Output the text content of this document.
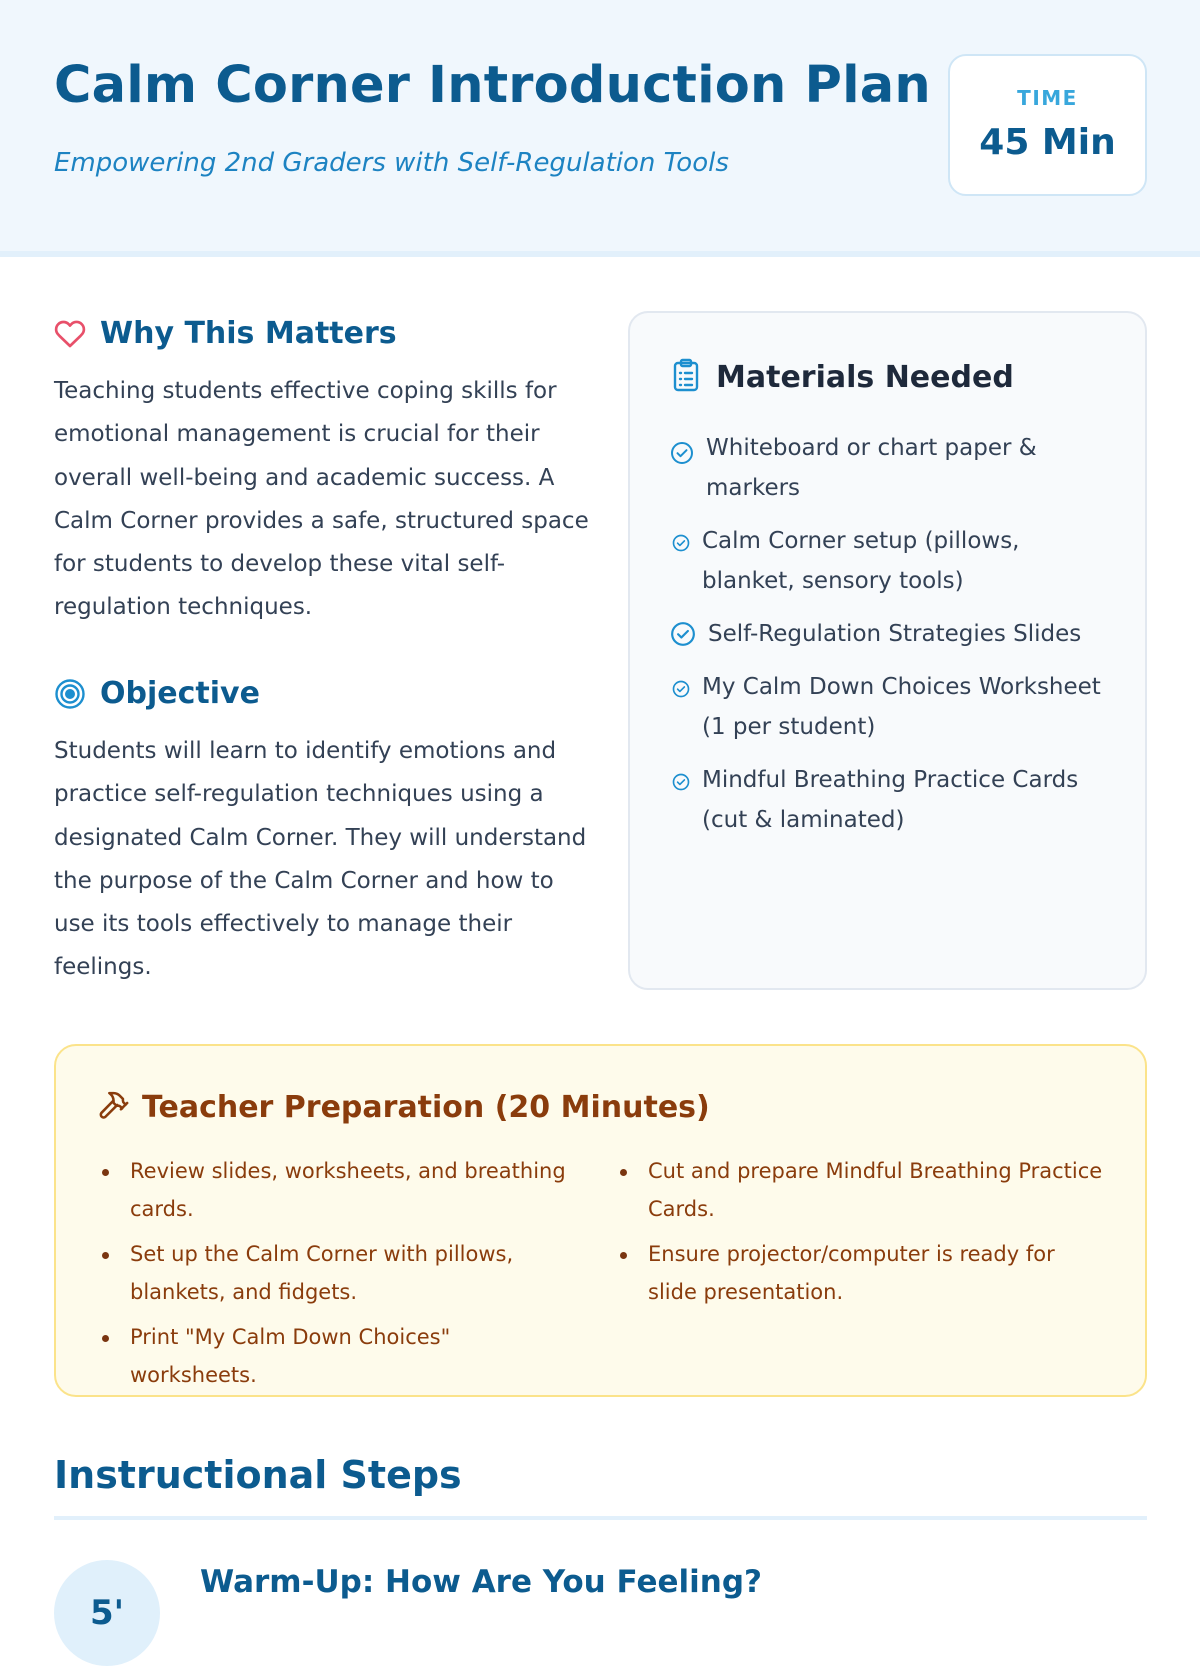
Calm Corner Introduction Plan
Empowering 2nd Graders with Self-Regulation Tools
TIME
45 Min
Why This Matters

Teaching students effective coping skills for emotional management is crucial for their overall well-being and academic success. A Calm Corner provides a safe, structured space for students to develop these vital self-regulation techniques.

Objective

Students will learn to identify emotions and practice self-regulation techniques using a designated Calm Corner. They will understand the purpose of the Calm Corner and how to use its tools effectively to manage their feelings.

Materials Needed
Whiteboard or chart paper & markers
Calm Corner setup (pillows, blanket, sensory tools)
Self-Regulation Strategies Slides
My Calm Down Choices Worksheet (1 per student)
Mindful Breathing Practice Cards (cut & laminated)
Teacher Preparation (20 Minutes)
Review slides, worksheets, and breathing cards.
Set up the Calm Corner with pillows, blankets, and fidgets.
Print "My Calm Down Choices" worksheets.
Cut and prepare Mindful Breathing Practice Cards.
Ensure projector/computer is ready for slide presentation.
Instructional Steps
5'
Warm-Up: How Are You Feeling?
